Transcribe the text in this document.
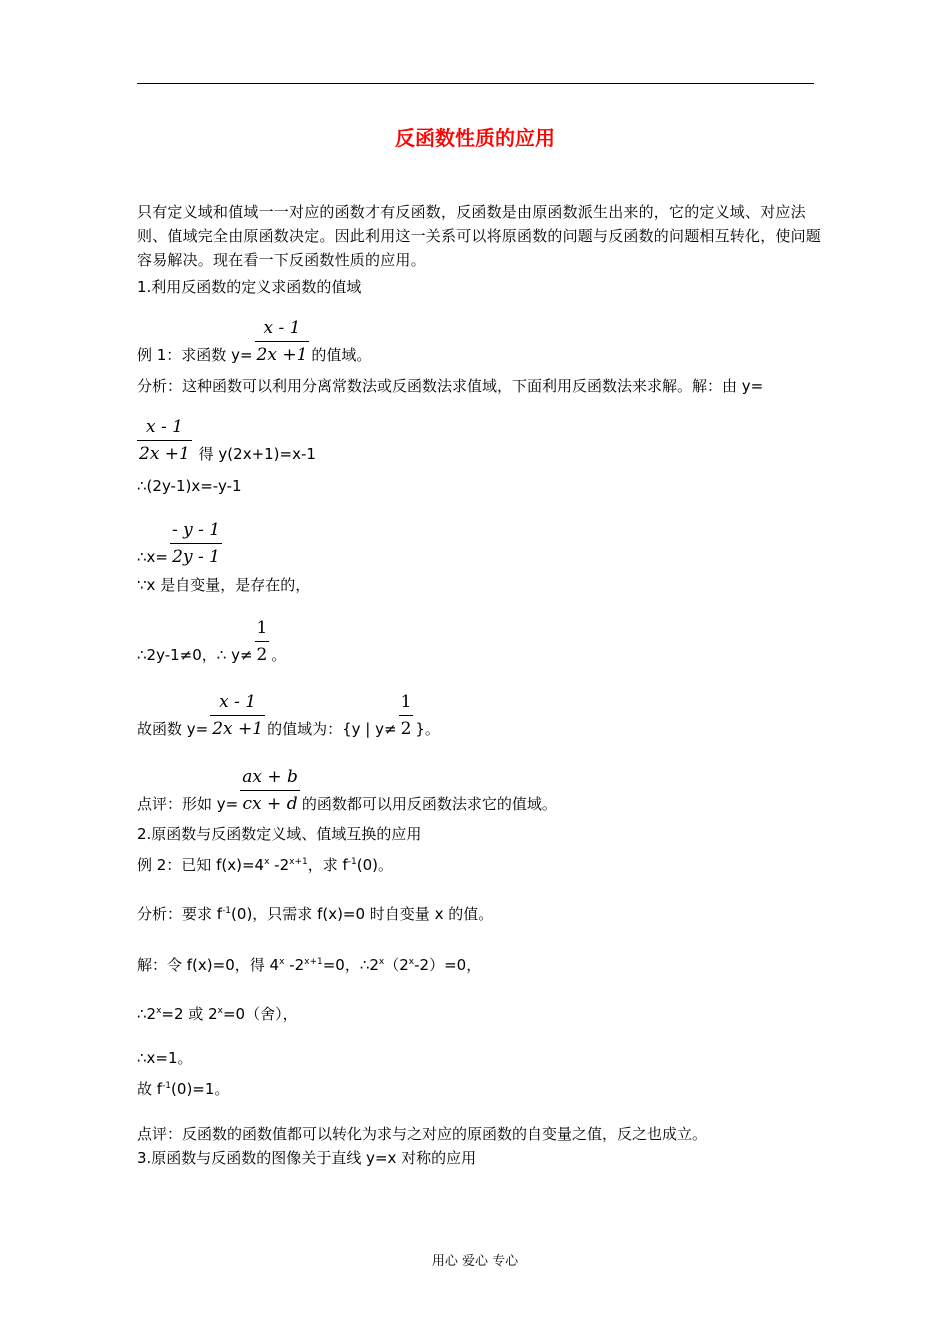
反函数性质的应用
只有定义域和值域一一对应的函数才有反函数，反函数是由原函数派生出来的，它的定义域、对应法则、值域完全由原函数决定。因此利用这一关系可以将原函数的问题与反函数的问题相互转化，使问题容易解决。现在看一下反函数性质的应用。
1.利用反函数的定义求函数的值域
例 1：求函数 $y= \frac{x - 1}{2x +1}$ 的值域。
分析：这种函数可以利用分离常数法或反函数法求值域，下面利用反函数法来求解。解：由 y=
$\frac{x - 1}{2x +1}$ 得 y(2x+1)=x-1
∴(2y-1)x=-y-1
∴x= $\frac{- y - 1}{2y - 1}$
∵x 是自变量，是存在的，
∴2y-1≠0，∴ $y\ne \frac{1}{2}$ 。
故函数 $y= \frac{x - 1}{2x +1}$ 的值域为：{y | $y\ne \frac{1}{2}$ }。
点评：形如 $y= \frac{ax + b}{cx + d}$ 的函数都可以用反函数法求它的值域。
2.原函数与反函数定义域、值域互换的应用
例 2：已知 $f(x)=4^x$ $-2^{x+1}$，求 $f^{-1}(0)$。
分析：要求 $f^{-1}(0)$，只需求 f(x)=0 时自变量 x 的值。
解：令 f(x)=0，得 4$^x$ $-2^{x+1}=0$，$\therefore 2^x(2^x-2)=0$，
$\therefore 2^x=2$ 或 $2^x=0$（舍），
∴x=1。
故 $f^{-1}(0)=1$。
点评：反函数的函数值都可以转化为求与之对应的原函数的自变量之值，反之也成立。
3.原函数与反函数的图像关于直线 y=x 对称的应用
用心 爱心 专心
